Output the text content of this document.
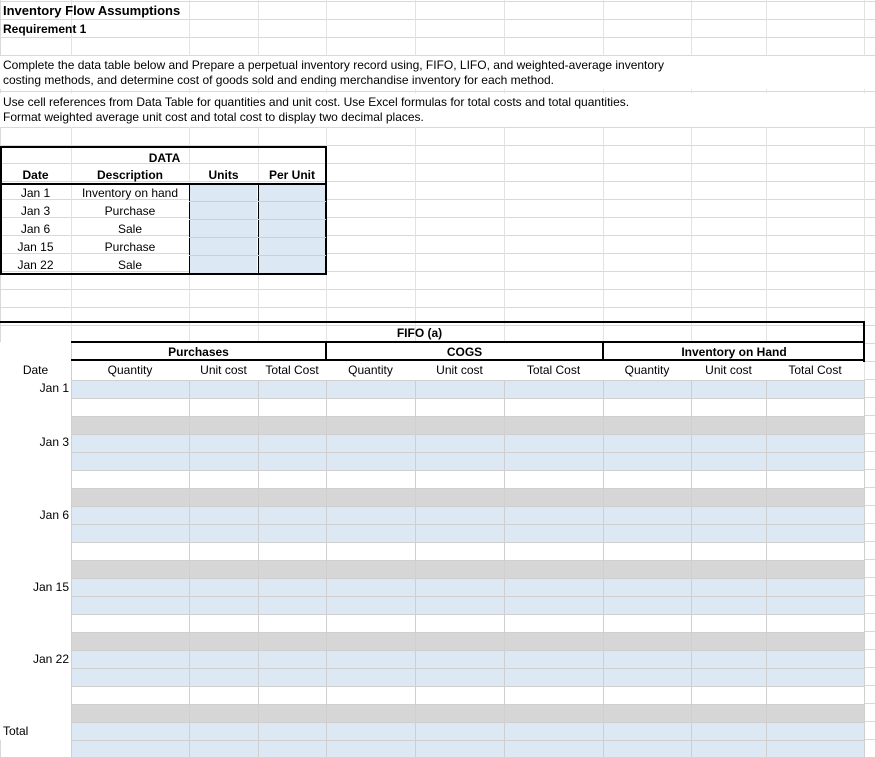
Inventory Flow Assumptions
Requirement 1
Complete the data table below and Prepare a perpetual inventory record using, FIFO, LIFO, and weighted-average inventory
costing methods, and determine cost of goods sold and ending merchandise inventory for each method.
Use cell references from Data Table for quantities and unit cost. Use Excel formulas for total costs and total quantities.
Format weighted average unit cost and total cost to display two decimal places.
DATA
Date	Description	Units	Per Unit
Jan 1	Inventory on hand
Jan 3	Purchase
Jan 6	Sale
Jan 15	Purchase
Jan 22	Sale
FIFO (a)
Purchases	COGS	Inventory on Hand
Date	Quantity	Unit cost	Total Cost	Quantity	Unit cost	Total Cost	Quantity	Unit cost	Total Cost
Jan 1
Jan 3
Jan 6
Jan 15
Jan 22
Total
